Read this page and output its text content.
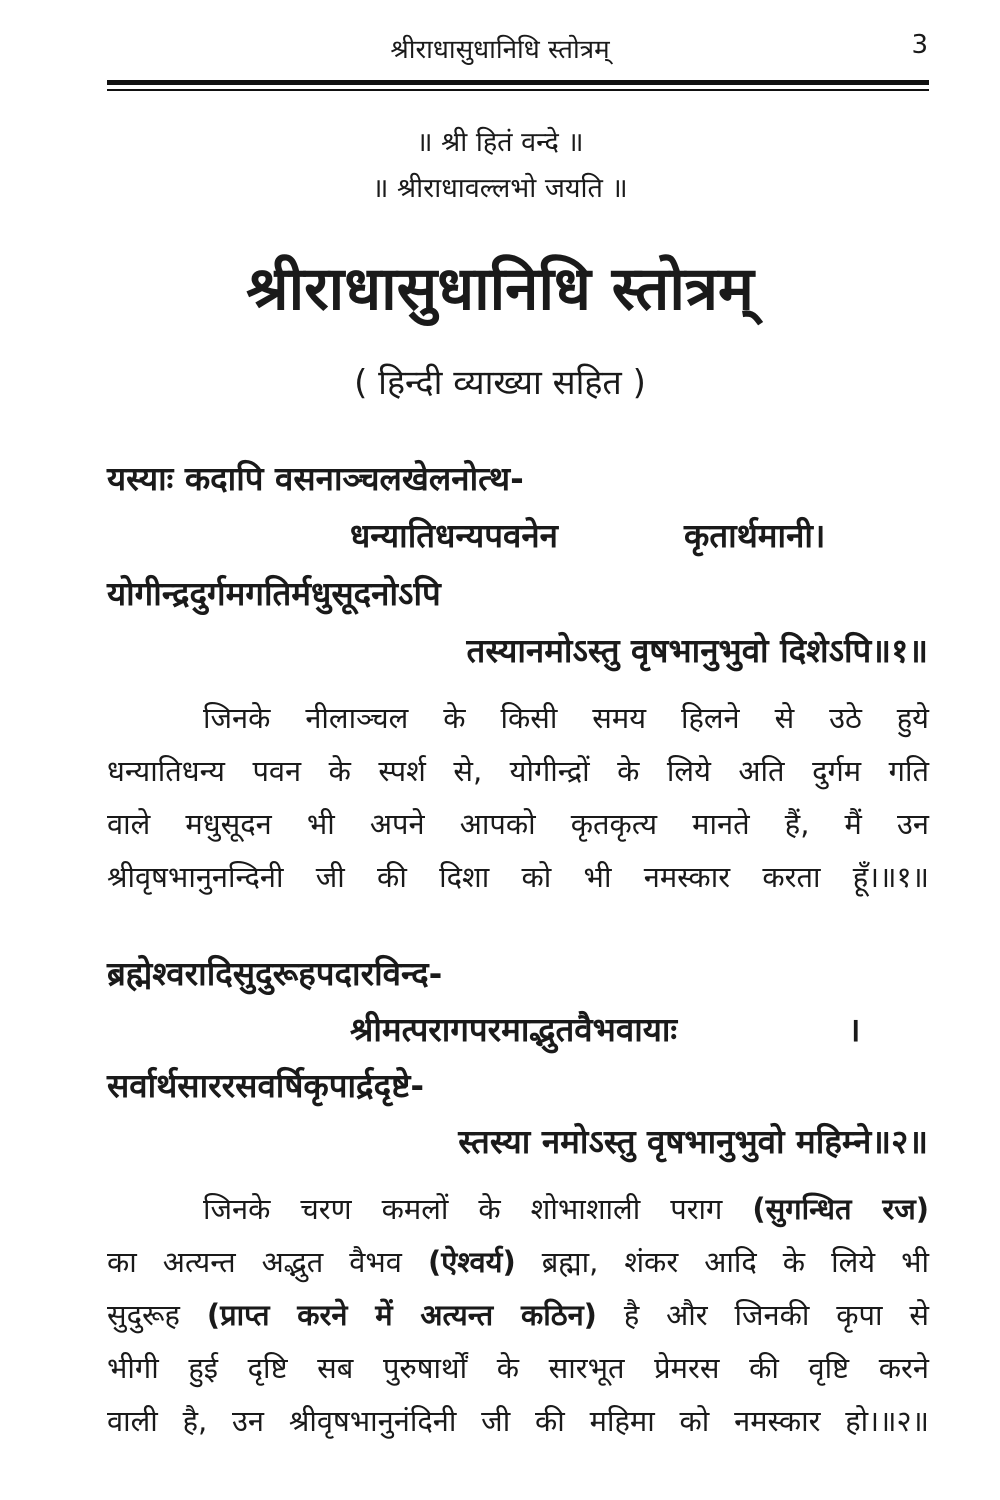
श्रीराधासुधानिधि स्तोत्रम्	3
॥ श्री हितं वन्दे ॥
॥ श्रीराधावल्लभो जयति ॥
श्रीराधासुधानिधि स्तोत्रम्
( हिन्दी व्याख्या सहित )
यस्याः कदापि वसनाञ्चलखेलनोत्थ-
धन्यातिधन्यपवनेन	कृतार्थमानी।
योगीन्द्रदुर्गमगतिर्मधुसूदनोऽपि
तस्यानमोऽस्तु वृषभानुभुवो दिशेऽपि॥१॥
जिनके नीलाञ्चल के किसी समय हिलने से उठे हुये
धन्यातिधन्य पवन के स्पर्श से, योगीन्द्रों के लिये अति दुर्गम गति
वाले मधुसूदन भी अपने आपको कृतकृत्य मानते हैं, मैं उन
श्रीवृषभानुनन्दिनी जी की दिशा को भी नमस्कार करता हूँ।॥१॥
ब्रह्मेश्वरादिसुदुरूहपदारविन्द-
श्रीमत्परागपरमाद्भुतवैभवायाः	।
सर्वार्थसाररसवर्षिकृपार्द्रदृष्टे-
स्तस्या नमोऽस्तु वृषभानुभुवो महिम्ने॥२॥
जिनके चरण कमलों के शोभाशाली पराग (सुगन्धित रज)
का अत्यन्त अद्भुत वैभव (ऐश्वर्य) ब्रह्मा, शंकर आदि के लिये भी
सुदुरूह (प्राप्त करने में अत्यन्त कठिन) है और जिनकी कृपा से
भीगी हुई दृष्टि सब पुरुषार्थों के सारभूत प्रेमरस की वृष्टि करने
वाली है, उन श्रीवृषभानुनंदिनी जी की महिमा को नमस्कार हो।॥२॥
